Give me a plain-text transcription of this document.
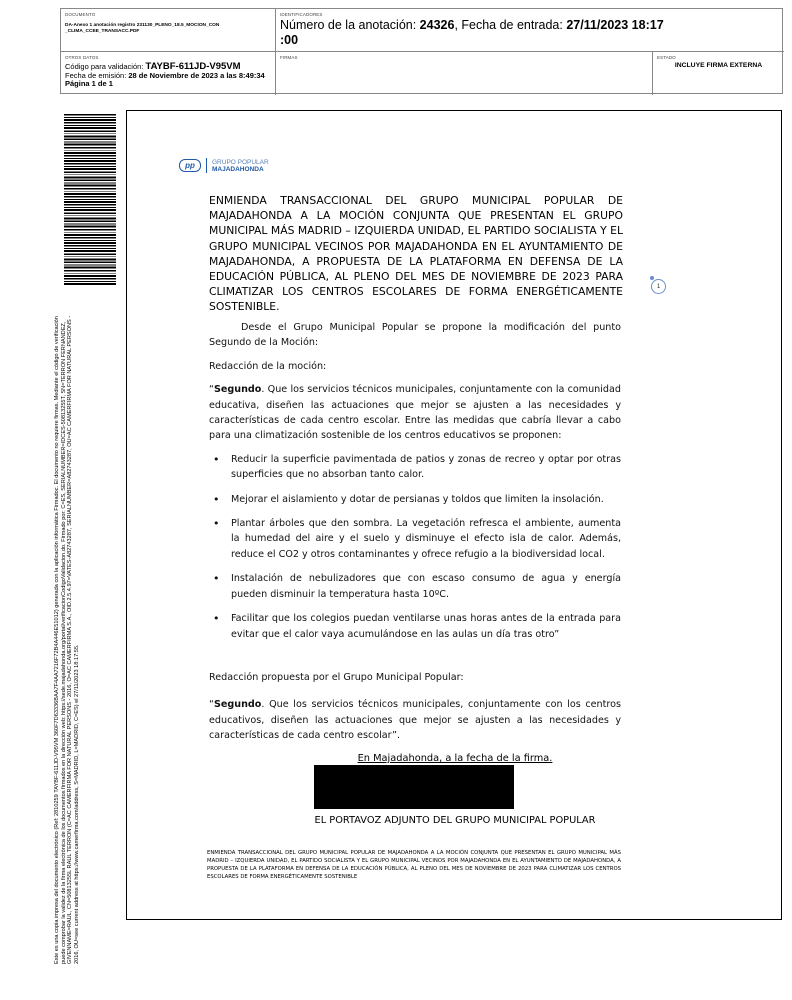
DOCUMENTO
DA-Anexo 1 anotación registro 231130_PLENO_18.5_MOCION_CON _CLIMA_CCEE_TRANSACC.PDF
IDENTIFICADORES
Número de la anotación: 24326, Fecha de entrada: 27/11/2023 18:17
:00
OTROS DATOS
Código para validación: TAYBF-611JD-V95VM
Fecha de emisión: 28 de Noviembre de 2023 a las 8:49:34
Página 1 de 1
FIRMAS	ESTADO
INCLUYE FIRMA EXTERNA
Este es una copia impresa del documento electrónico (Ref: 2810259 TAYBF-611JD-V95VM 360F7D63336BAA7F4AA7216F72B4A446E51012) generada con la aplicación informática Firmadoc. El documento no requiere firmas. Mediante el código de verificación puede comprobar la validez de la firma electrónica de los documentos firmados en la dirección web: https://sede.majadahonda.org/portal/verificacionCodigoValidacion.do. Firmado por: C=ES, SERIALNUMBER=IDCES-50813255T, SN=TERRON FERNANDEZ, GIVENNAME=RAUL, CN=50813255L RAUL TERRON (C=AC CAMERFIRMA FOR NATURAL PERSONS - 2016, O=AC CAMERFIRMA S.A., OID.2.5.4.97=VATES-A82743287, SERIALNUMBER=A82743287, OU=AC CAMERFIRMA FOR NATURAL PERSONS - 2016, OU=see current address at https://www.camerfirma.com/address, S=MADRID, L=MADRID, C=ES) el 27/11/2023 18:17:55.
pp	GRUPO POPULAR
MAJADAHONDA
ENMIENDA TRANSACCIONAL DEL GRUPO MUNICIPAL POPULAR DE MAJADAHONDA A LA MOCIÓN CONJUNTA QUE PRESENTAN EL GRUPO MUNICIPAL MÁS MADRID – IZQUIERDA UNIDAD, EL PARTIDO SOCIALISTA Y EL GRUPO MUNICIPAL VECINOS POR MAJADAHONDA EN EL AYUNTAMIENTO DE MAJADAHONDA, A PROPUESTA DE LA PLATAFORMA EN DEFENSA DE LA EDUCACIÓN PÚBLICA, AL PLENO DEL MES DE NOVIEMBRE DE 2023 PARA CLIMATIZAR LOS CENTROS ESCOLARES DE FORMA ENERGÉTICAMENTE SOSTENIBLE.
1

Desde el Grupo Municipal Popular se propone la modificación del punto Segundo de la Moción:

Redacción de la moción:

“Segundo. Que los servicios técnicos municipales, conjuntamente con la comunidad educativa, diseñen las actuaciones que mejor se ajusten a las necesidades y características de cada centro escolar. Entre las medidas que cabría llevar a cabo para una climatización sostenible de los centros educativos se proponen:

• Reducir la superficie pavimentada de patios y zonas de recreo y optar por otras superficies que no absorban tanto calor.
• Mejorar el aislamiento y dotar de persianas y toldos que limiten la insolación.
• Plantar árboles que den sombra. La vegetación refresca el ambiente, aumenta la humedad del aire y el suelo y disminuye el efecto isla de calor. Además, reduce el CO2 y otros contaminantes y ofrece refugio a la biodiversidad local.
• Instalación de nebulizadores que con escaso consumo de agua y energía pueden disminuir la temperatura hasta 10ºC.
• Facilitar que los colegios puedan ventilarse unas horas antes de la entrada para evitar que el calor vaya acumulándose en las aulas un día tras otro”

Redacción propuesta por el Grupo Municipal Popular:

“Segundo. Que los servicios técnicos municipales, conjuntamente con los centros educativos, diseñen las actuaciones que mejor se ajusten a las necesidades y características de cada centro escolar”.

En Majadahonda, a la fecha de la firma.
EL PORTAVOZ ADJUNTO DEL GRUPO MUNICIPAL POPULAR
ENMIENDA TRANSACCIONAL DEL GRUPO MUNICIPAL POPULAR DE MAJADAHONDA A LA MOCIÓN CONJUNTA QUE PRESENTAN EL GRUPO MUNICIPAL MÁS MADRID – IZQUIERDA UNIDAD, EL PARTIDO SOCIALISTA Y EL GRUPO MUNICIPAL VECINOS POR MAJADAHONDA EN EL AYUNTAMIENTO DE MAJADAHONDA, A PROPUESTA DE LA PLATAFORMA EN DEFENSA DE LA EDUCACIÓN PÚBLICA, AL PLENO DEL MES DE NOVIEMBRE DE 2023 PARA CLIMATIZAR LOS CENTROS ESCOLARES DE FORMA ENERGÉTICAMENTE SOSTENIBLE
